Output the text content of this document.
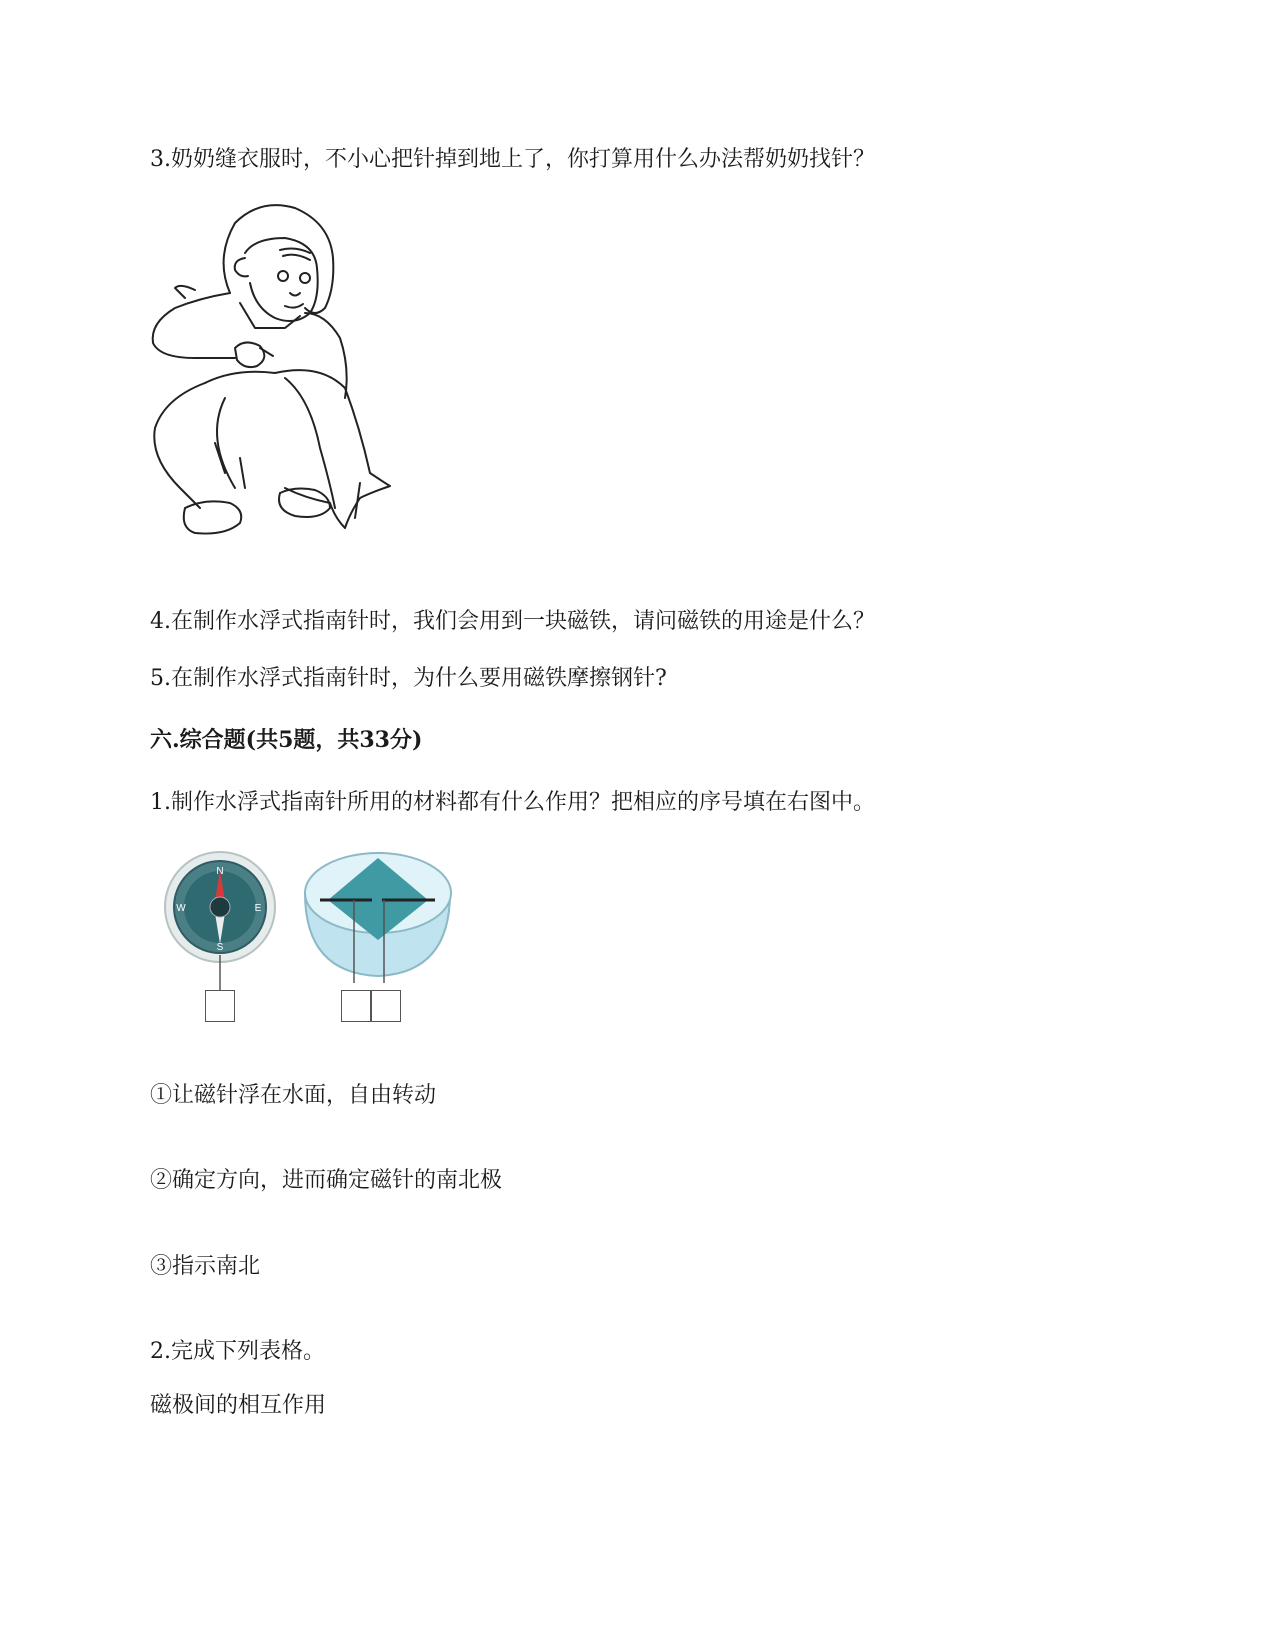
3.奶奶缝衣服时，不小心把针掉到地上了，你打算用什么办法帮奶奶找针？
4.在制作水浮式指南针时，我们会用到一块磁铁，请问磁铁的用途是什么？
5.在制作水浮式指南针时，为什么要用磁铁摩擦钢针?
六.综合题(共5题，共33分)
1.制作水浮式指南针所用的材料都有什么作用？把相应的序号填在右图中。
N
S
E
W
①让磁针浮在水面，自由转动
②确定方向，进而确定磁针的南北极
③指示南北
2.完成下列表格。
磁极间的相互作用
